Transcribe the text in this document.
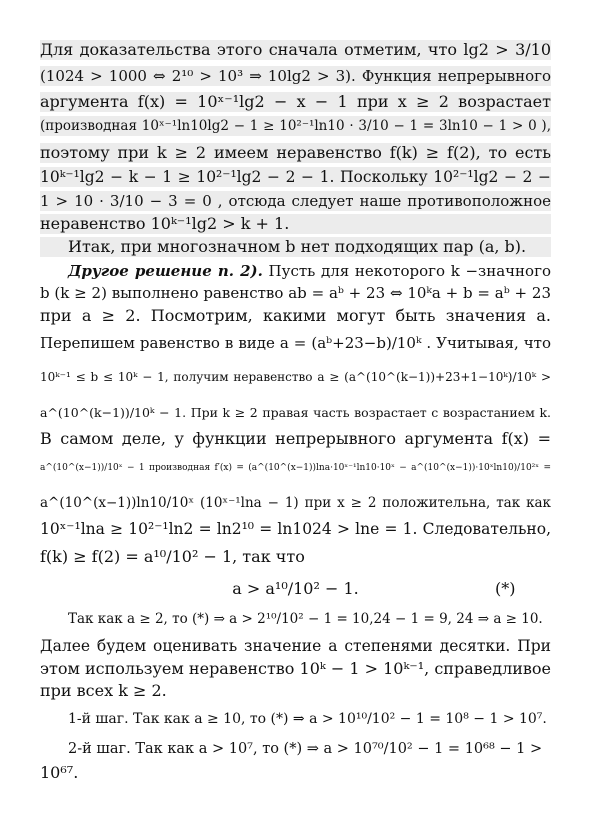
Для доказательства этого сначала отметим, что lg2 > 3/10
(1024 > 1000 ⇔ 2¹⁰ > 10³ ⇒ 10lg2 > 3). Функция непрерывного
аргумента f(x) = 10ˣ⁻¹lg2 − x − 1 при x ≥ 2 возрастает
(производная 10ˣ⁻¹ln10lg2 − 1 ≥ 10²⁻¹ln10 · 3/10 − 1 = 3ln10 − 1 > 0 ),
поэтому при k ≥ 2 имеем неравенство f(k) ≥ f(2), то есть
10ᵏ⁻¹lg2 − k − 1 ≥ 10²⁻¹lg2 − 2 − 1. Поскольку 10²⁻¹lg2 − 2 −
1 > 10 · 3/10 − 3 = 0 , отсюда следует наше противоположное
неравенство 10ᵏ⁻¹lg2 > k + 1.
Итак, при многозначном b нет подходящих пар (a, b).
Другое решение п. 2). Пусть для некоторого k −значного
b (k ≥ 2) выполнено равенство ab = aᵇ + 23 ⇔ 10ᵏa + b = aᵇ + 23
при a ≥ 2. Посмотрим, какими могут быть значения a.
Перепишем равенство в виде a = (aᵇ+23−b)/10ᵏ . Учитывая, что
10ᵏ⁻¹ ≤ b ≤ 10ᵏ − 1, получим неравенство a ≥ (a^(10^(k−1))+23+1−10ᵏ)/10ᵏ >
a^(10^(k−1))/10ᵏ − 1. При k ≥ 2 правая часть возрастает с возрастанием k.
В самом деле, у функции непрерывного аргумента f(x) =
a^(10^(x−1))/10ˣ − 1 производная f′(x) = (a^(10^(x−1))lna·10ˣ⁻¹ln10·10ˣ − a^(10^(x−1))·10ˣln10)/10²ˣ =
a^(10^(x−1))ln10/10ˣ (10ˣ⁻¹lna − 1) при x ≥ 2 положительна, так как
10ˣ⁻¹lna ≥ 10²⁻¹ln2 = ln2¹⁰ = ln1024 > lne = 1. Следовательно,
f(k) ≥ f(2) = a¹⁰/10² − 1, так что
a > a¹⁰/10² − 1.	(*)
Так как a ≥ 2, то (*) ⇒ a > 2¹⁰/10² − 1 = 10,24 − 1 = 9, 24 ⇒ a ≥ 10.
Далее будем оценивать значение a степенями десятки. При
этом используем неравенство 10ᵏ − 1 > 10ᵏ⁻¹, справедливое
при всех k ≥ 2.
1-й шаг. Так как a ≥ 10, то (*) ⇒ a > 10¹⁰/10² − 1 = 10⁸ − 1 > 10⁷.
2-й шаг. Так как a > 10⁷, то (*) ⇒ a > 10⁷⁰/10² − 1 = 10⁶⁸ − 1 >
10⁶⁷.
